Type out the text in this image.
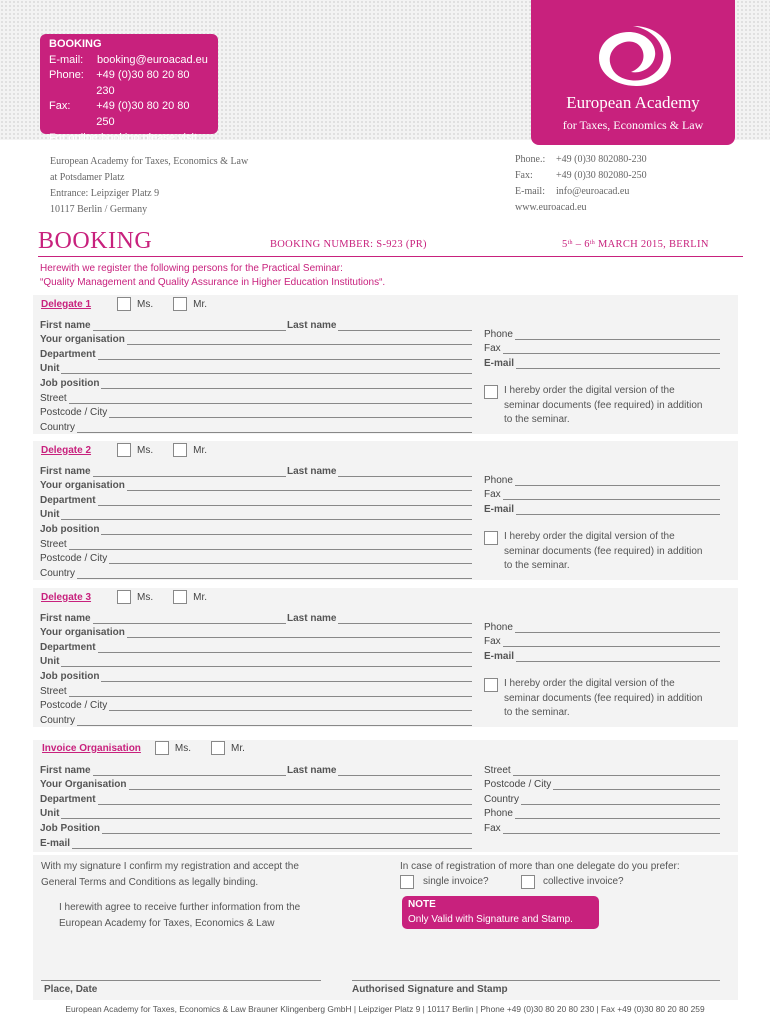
BOOKING
E-mail:	booking@euroacad.eu
Phone:	+49 (0)30 80 20 80 230
Fax:	+49 (0)30 80 20 80 250
For online booking please visit
our website: www.euroacad.eu
European Academy
for Taxes, Economics & Law
European Academy for Taxes, Economics & Law
at Potsdamer Platz
Entrance: Leipziger Platz 9
10117 Berlin / Germany
Phone.:	+49 (0)30 802080-230
Fax:	+49 (0)30 802080-250
E-mail:	info@euroacad.eu
www.euroacad.eu
BOOKING	BOOKING NUMBER: S-923 (PR)	5th – 6th MARCH 2015, BERLIN
Herewith we register the following persons for the Practical Seminar:
“Quality Management and Quality Assurance in Higher Education Institutions“.
Delegate 1	Ms.	Mr.
First name	Last name
Your organisation
Department
Unit
Job position
Street
Postcode / City
Country
Phone
Fax
E-mail
I hereby order the digital version of the
seminar documents (fee required) in addition
to the seminar.
Delegate 2	Ms.	Mr.
First name	Last name
Your organisation
Department
Unit
Job position
Street
Postcode / City
Country
Phone
Fax
E-mail
I hereby order the digital version of the
seminar documents (fee required) in addition
to the seminar.
Delegate 3	Ms.	Mr.
First name	Last name
Your organisation
Department
Unit
Job position
Street
Postcode / City
Country
Phone
Fax
E-mail
I hereby order the digital version of the
seminar documents (fee required) in addition
to the seminar.
Invoice Organisation	Ms.	Mr.
First name	Last name
Your Organisation
Department
Unit
Job Position
E-mail
Street
Postcode / City
Country
Phone
Fax
With my signature I confirm my registration and accept the
General Terms and Conditions as legally binding.
I herewith agree to receive further information from the
European Academy for Taxes, Economics & Law
In case of registration of more than one delegate do you prefer:
single invoice?	collective invoice?
NOTE
Only Valid with Signature and Stamp.
Place, Date	Authorised Signature and Stamp
European Academy for Taxes, Economics & Law Brauner Klingenberg GmbH | Leipziger Platz 9 | 10117 Berlin | Phone +49 (0)30 80 20 80 230 | Fax +49 (0)30 80 20 80 259
